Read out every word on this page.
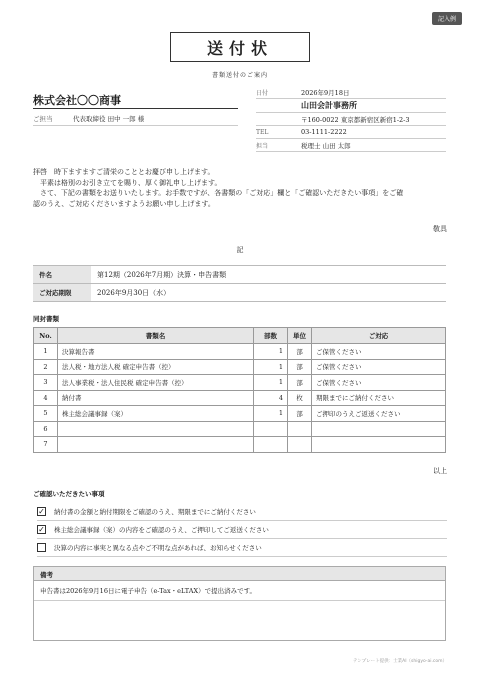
記入例
送付状
書類送付のご案内
株式会社〇〇商事
ご担当	代表取締役 田中 一郎 様
日付	2026年9月18日
山田会計事務所
〒160-0022 東京都新宿区新宿1-2-3
TEL	03-1111-2222
担当	税理士 山田 太郎
拝啓　時下ますますご清栄のこととお慶び申し上げます。
　平素は格別のお引き立てを賜り、厚く御礼申し上げます。
　さて、下記の書類をお送りいたします。お手数ですが、各書類の「ご対応」欄と「ご確認いただきたい事項」をご確
認のうえ、ご対応くださいますようお願い申し上げます。
敬具
記
件名	第12期（2026年7月期）決算・申告書類
ご対応期限	2026年9月30日（水）
同封書類
No.	書類名	部数	単位	ご対応
1	決算報告書	1	部	ご保管ください
2	法人税・地方法人税 確定申告書（控）	1	部	ご保管ください
3	法人事業税・法人住民税 確定申告書（控）	1	部	ご保管ください
4	納付書	4	枚	期限までにご納付ください
5	株主総会議事録（案）	1	部	ご押印のうえご返送ください
6				
7				
以上
ご確認いただきたい事項
✓ 納付書の金額と納付期限をご確認のうえ、期限までにご納付ください
✓ 株主総会議事録（案）の内容をご確認のうえ、ご押印してご返送ください
決算の内容に事実と異なる点やご不明な点があれば、お知らせください
備考
申告書は2026年9月16日に電子申告（e-Tax・eLTAX）で提出済みです。
テンプレート提供：士業AI（shigyo-ai.com）
